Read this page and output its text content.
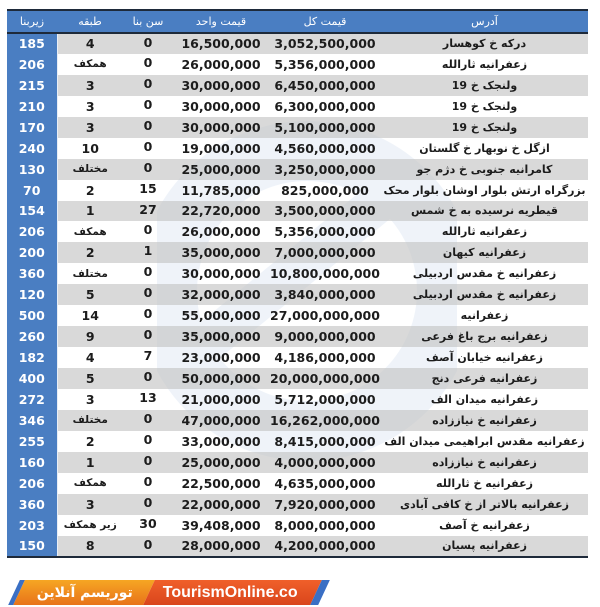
زیربنا	طبقه	سن بنا	قیمت واحد	قیمت کل	آدرس
185	4	0	16,500,000	3,052,500,000	درکه خ کوهسار
206	همکف	0	26,000,000	5,356,000,000	زعفرانیه ثارالله
215	3	0	30,000,000	6,450,000,000	ولنجک خ 19
210	3	0	30,000,000	6,300,000,000	ولنجک خ 19
170	3	0	30,000,000	5,100,000,000	ولنجک خ 19
240	10	0	19,000,000	4,560,000,000	ازگل خ نوبهار خ گلستان
130	مختلف	0	25,000,000	3,250,000,000	کامرانیه جنوبی خ دژم جو
70	2	15	11,785,000	825,000,000	بزرگراه ارتش بلوار اوشان بلوار محک
154	1	27	22,720,000	3,500,000,000	قیطریه نرسیده به خ شمس
206	همکف	0	26,000,000	5,356,000,000	زعفرانیه ثارالله
200	2	1	35,000,000	7,000,000,000	زعفرانیه کیهان
360	مختلف	0	30,000,000	10,800,000,000	زعفرانیه خ مقدس اردبیلی
120	5	0	32,000,000	3,840,000,000	زعفرانیه خ مقدس اردبیلی
500	14	0	55,000,000	27,000,000,000	زعفرانیه
260	9	0	35,000,000	9,000,000,000	زعفرانیه برج باغ فرعی
182	4	7	23,000,000	4,186,000,000	زعفرانیه خیابان آصف
400	5	0	50,000,000	20,000,000,000	زعفرانیه فرعی دنج
272	3	13	21,000,000	5,712,000,000	زعفرانیه میدان الف
346	مختلف	0	47,000,000	16,262,000,000	زعفرانیه خ نیاززاده
255	2	0	33,000,000	8,415,000,000	زعفرانیه مقدس ابراهیمی میدان الف
160	1	0	25,000,000	4,000,000,000	زعفرانیه خ نیاززاده
206	همکف	0	22,500,000	4,635,000,000	زعفرانیه خ ثارالله
360	3	0	22,000,000	7,920,000,000	زعفرانیه بالاتر از خ کافی آبادی
203	زیر همکف	30	39,408,000	8,000,000,000	زعفرانیه خ آصف
150	8	0	28,000,000	4,200,000,000	زعفرانیه پسیان
توریسم آنلاین TourismOnline.co
